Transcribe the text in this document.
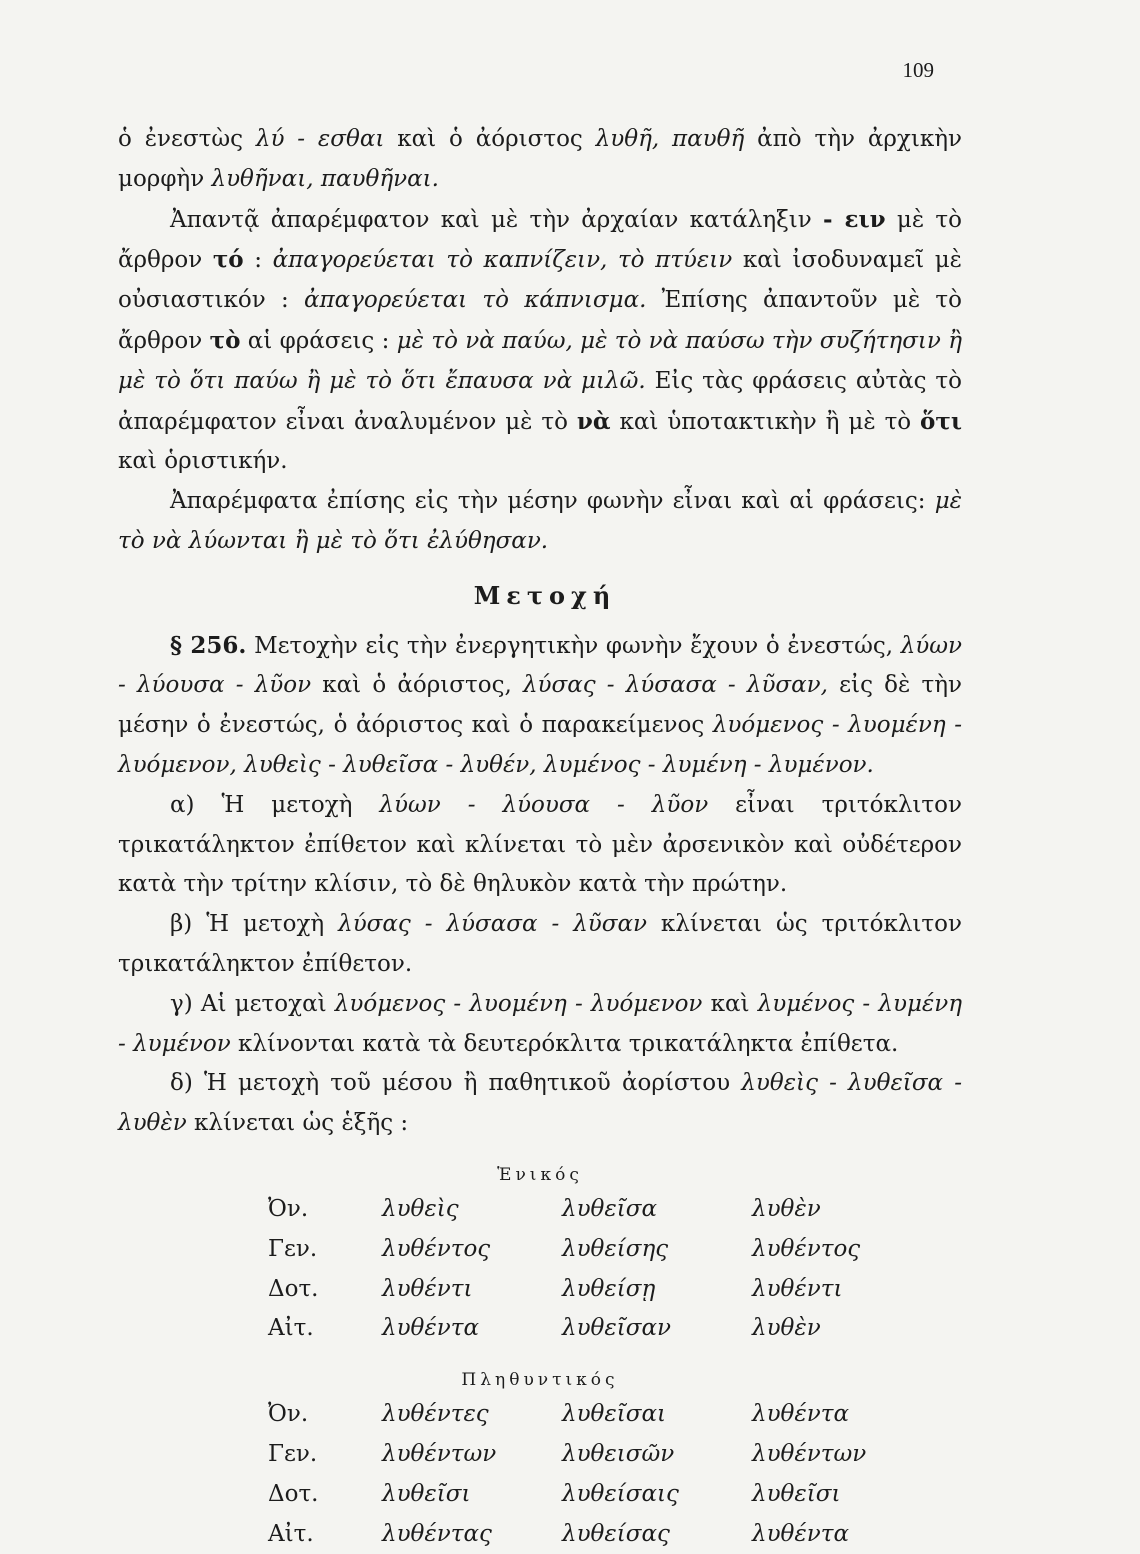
109

ὁ ἐνεστὼς λύ - εσθαι καὶ ὁ ἀόριστος λυθῆ, παυθῆ ἀπὸ τὴν ἀρχικὴν μορφὴν λυθῆναι, παυθῆναι.

Ἀπαντᾷ ἀπαρέμφατον καὶ μὲ τὴν ἀρχαίαν κατάληξιν - ειν μὲ τὸ ἄρθρον τό : ἀπαγορεύεται τὸ καπνίζειν, τὸ πτύειν καὶ ἰσοδυναμεῖ μὲ οὐσιαστικόν : ἀπαγορεύεται τὸ κάπνισμα. Ἐπίσης ἀπαντοῦν μὲ τὸ ἄρθρον τὸ αἱ φράσεις : μὲ τὸ νὰ παύω, μὲ τὸ νὰ παύσω τὴν συζήτησιν ἢ μὲ τὸ ὅτι παύω ἢ μὲ τὸ ὅτι ἔπαυσα νὰ μιλῶ. Εἰς τὰς φράσεις αὐτὰς τὸ ἀπαρέμφατον εἶναι ἀναλυμένον μὲ τὸ νὰ καὶ ὑποτακτικὴν ἢ μὲ τὸ ὅτι καὶ ὁριστικήν.

Ἀπαρέμφατα ἐπίσης εἰς τὴν μέσην φωνὴν εἶναι καὶ αἱ φράσεις: μὲ τὸ νὰ λύωνται ἢ μὲ τὸ ὅτι ἐλύθησαν.

Μετοχή

§ 256. Μετοχὴν εἰς τὴν ἐνεργητικὴν φωνὴν ἔχουν ὁ ἐνεστώς, λύων - λύουσα - λῦον καὶ ὁ ἀόριστος, λύσας - λύσασα - λῦσαν, εἰς δὲ τὴν μέσην ὁ ἐνεστώς, ὁ ἀόριστος καὶ ὁ παρακείμενος λυόμενος - λυομένη - λυόμενον, λυθεὶς - λυθεῖσα - λυθέν, λυμένος - λυμένη - λυμένον.

α) Ἡ μετοχὴ λύων - λύουσα - λῦον εἶναι τριτόκλιτον τρικατάληκτον ἐπίθετον καὶ κλίνεται τὸ μὲν ἀρσενικὸν καὶ οὐδέτερον κατὰ τὴν τρίτην κλίσιν, τὸ δὲ θηλυκὸν κατὰ τὴν πρώτην.

β) Ἡ μετοχὴ λύσας - λύσασα - λῦσαν κλίνεται ὡς τριτόκλιτον τρικατάληκτον ἐπίθετον.

γ) Αἱ μετοχαὶ λυόμενος - λυομένη - λυόμενον καὶ λυμένος - λυμένη - λυμένον κλίνονται κατὰ τὰ δευτερόκλιτα τρικατάληκτα ἐπίθετα.

δ) Ἡ μετοχὴ τοῦ μέσου ἢ παθητικοῦ ἀορίστου λυθεὶς - λυθεῖσα - λυθὲν κλίνεται ὡς ἑξῆς :

Ἑνικός
Ὀν.	λυθεὶς	λυθεῖσα	λυθὲν
Γεν.	λυθέντος	λυθείσης	λυθέντος
Δοτ.	λυθέντι	λυθείσῃ	λυθέντι
Αἰτ.	λυθέντα	λυθεῖσαν	λυθὲν
Πληθυντικός
Ὀν.	λυθέντες	λυθεῖσαι	λυθέντα
Γεν.	λυθέντων	λυθεισῶν	λυθέντων
Δοτ.	λυθεῖσι	λυθείσαις	λυθεῖσι
Αἰτ.	λυθέντας	λυθείσας	λυθέντα
